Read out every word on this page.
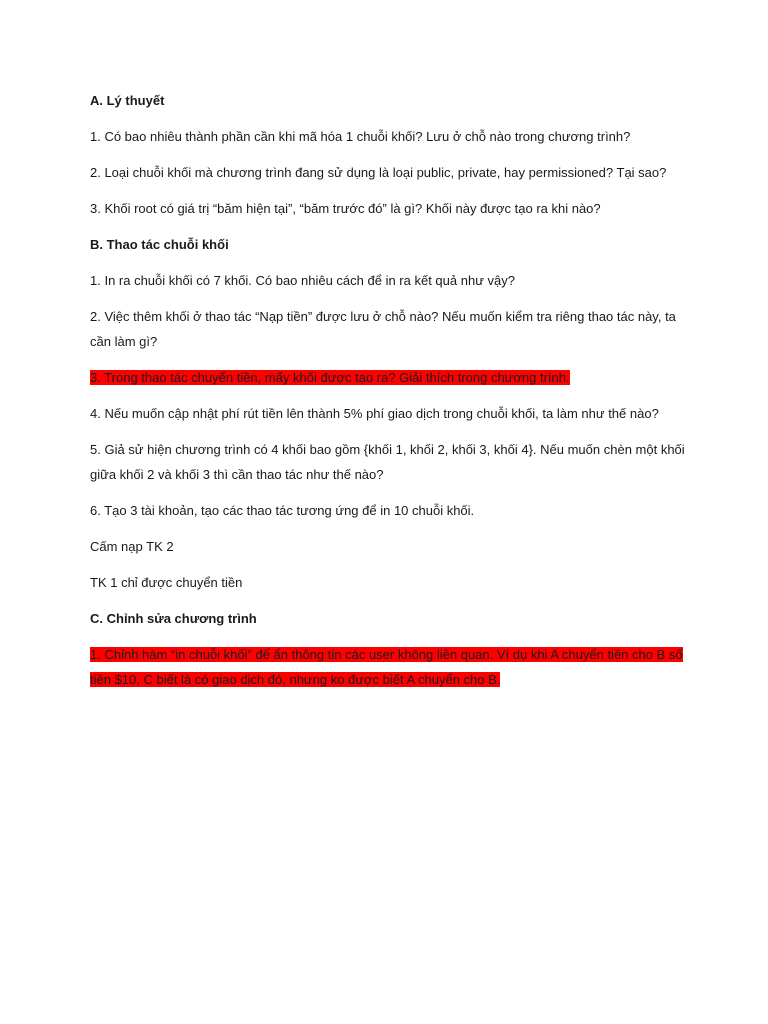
A. Lý thuyết

1. Có bao nhiêu thành phần cần khi mã hóa 1 chuỗi khối? Lưu ở chỗ nào trong chương trình?

2. Loại chuỗi khối mà chương trình đang sử dụng là loại public, private, hay permissioned? Tại sao?

3. Khối root có giá trị “băm hiện tại”, “băm trước đó” là gì? Khối này được tạo ra khi nào?

B. Thao tác chuỗi khối

1. In ra chuỗi khối có 7 khối. Có bao nhiêu cách để in ra kết quả như vậy?

2. Việc thêm khối ở thao tác “Nạp tiền” được lưu ở chỗ nào? Nếu muốn kiểm tra riêng thao tác này, ta

cần làm gì?

3. Trong thao tác chuyển tiền, mấy khối được tạo ra? Giải thích trong chương trình.

4. Nếu muốn cập nhật phí rút tiền lên thành 5% phí giao dịch trong chuỗi khối, ta làm như thế nào?

5. Giả sử hiện chương trình có 4 khối bao gồm {khối 1, khối 2, khối 3, khối 4}. Nếu muốn chèn một khối

giữa khối 2 và khối 3 thì cần thao tác như thế nào?

6. Tạo 3 tài khoản, tạo các thao tác tương ứng để in 10 chuỗi khối.

Cấm nạp TK 2

TK 1 chỉ được chuyển tiền

C. Chỉnh sửa chương trình

1. Chỉnh hàm “in chuỗi khối” để ẩn thông tin các user không liên quan. Ví dụ khi A chuyển tiền cho B số

tiền $10, C biết là có giao dịch đó, nhưng ko được biết A chuyển cho B.
